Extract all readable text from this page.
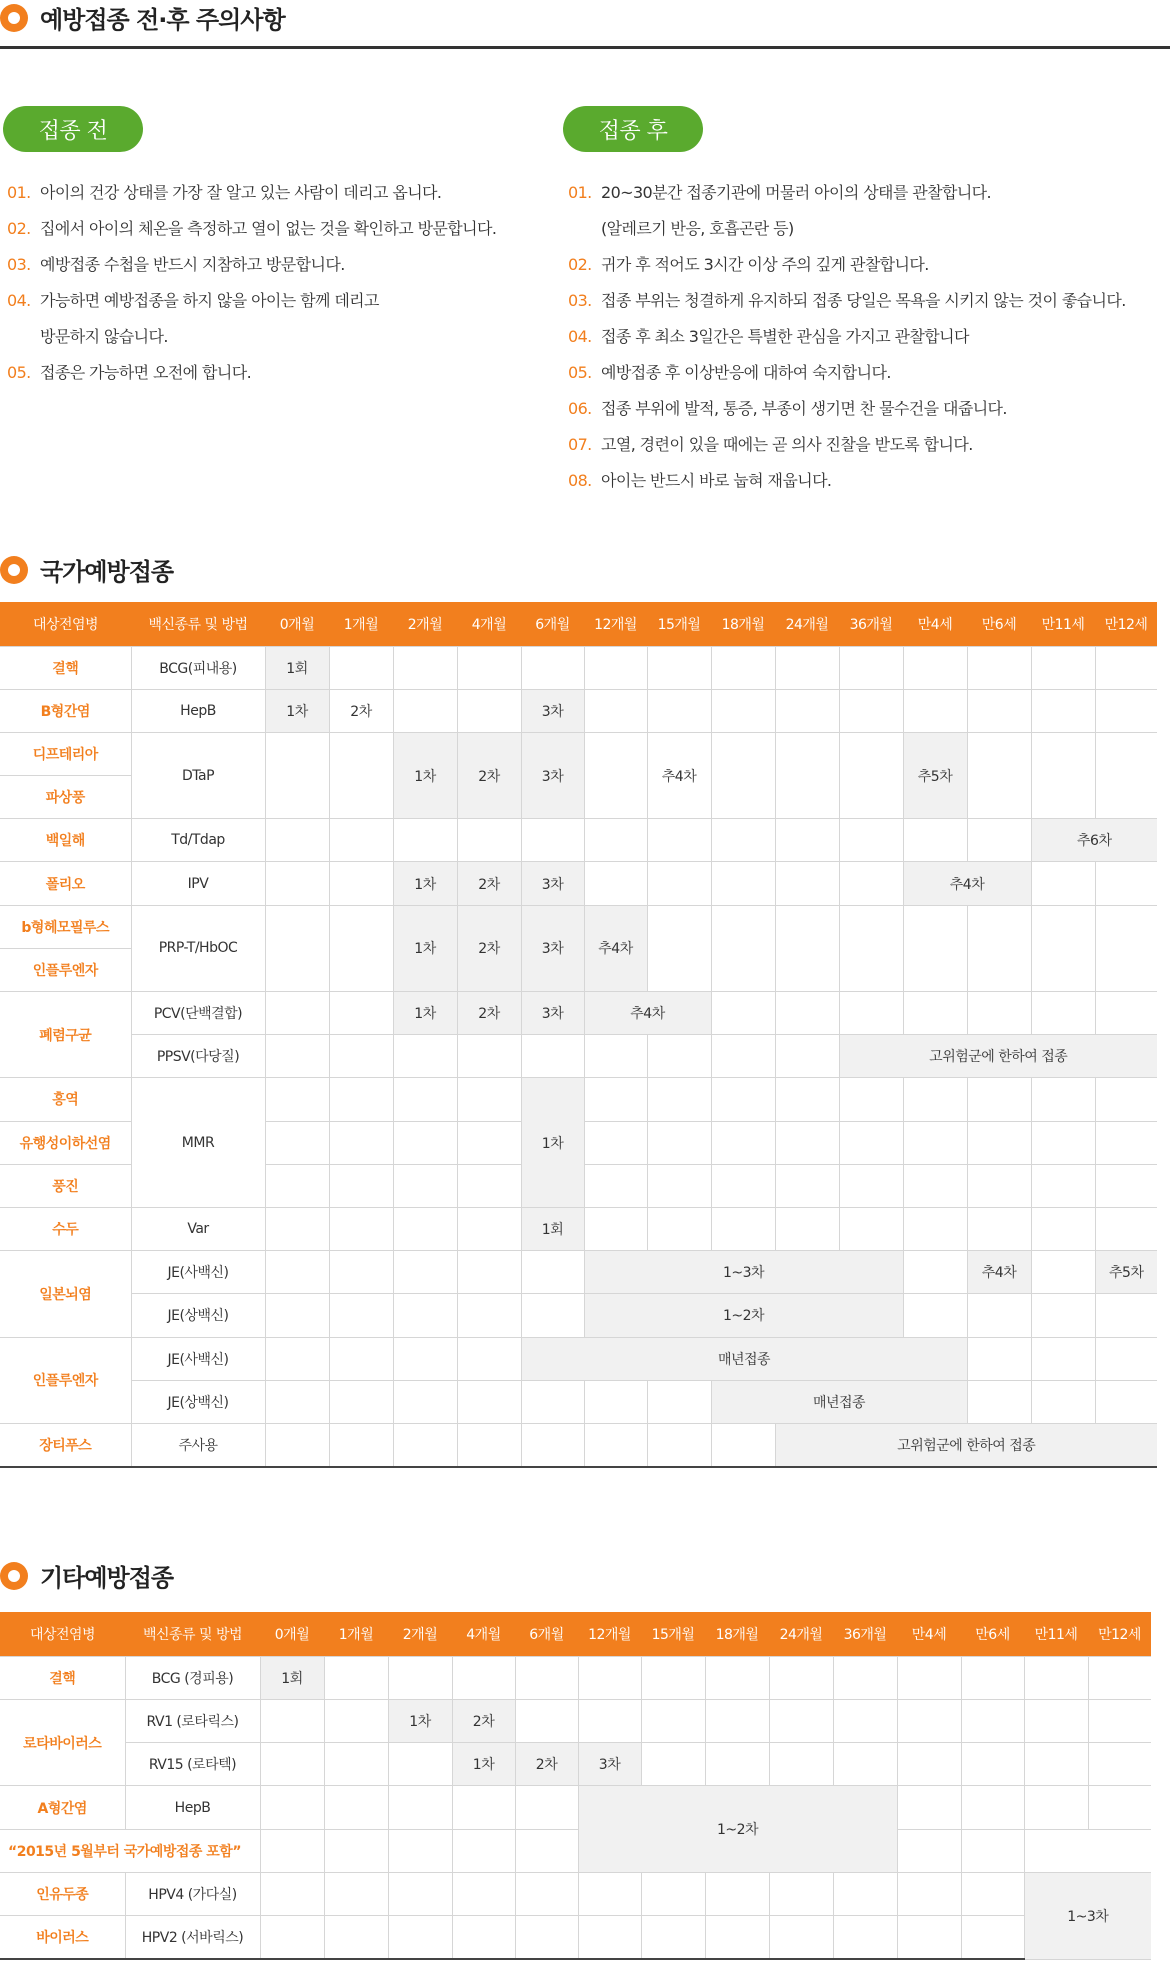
예방접종 전·후 주의사항
접종 전	접종 후
01. 아이의 건강 상태를 가장 잘 알고 있는 사람이 데리고 옵니다.
02. 집에서 아이의 체온을 측정하고 열이 없는 것을 확인하고 방문합니다.
03. 예방접종 수첩을 반드시 지참하고 방문합니다.
04. 가능하면 예방접종을 하지 않을 아이는 함께 데리고
방문하지 않습니다.
05. 접종은 가능하면 오전에 합니다.
01. 20~30분간 접종기관에 머물러 아이의 상태를 관찰합니다.
(알레르기 반응, 호흡곤란 등)
02. 귀가 후 적어도 3시간 이상 주의 깊게 관찰합니다.
03. 접종 부위는 청결하게 유지하되 접종 당일은 목욕을 시키지 않는 것이 좋습니다.
04. 접종 후 최소 3일간은 특별한 관심을 가지고 관찰합니다
05. 예방접종 후 이상반응에 대하여 숙지합니다.
06. 접종 부위에 발적, 통증, 부종이 생기면 찬 물수건을 대줍니다.
07. 고열, 경련이 있을 때에는 곧 의사 진찰을 받도록 합니다.
08. 아이는 반드시 바로 눕혀 재웁니다.
국가예방접종
대상전염병	백신종류 및 방법	0개월	1개월	2개월	4개월	6개월	12개월	15개월	18개월	24개월	36개월	만4세	만6세	만11세	만12세
결핵	BCG(피내용)	1회													
B형간염	HepB	1차	2차			3차									
디프테리아	DTaP			1차	2차	3차		추4차				추5차			
파상풍															
백일해	Td/Tdap													추6차	
폴리오	IPV			1차	2차	3차						추4차			
b형헤모필루스	PRP-T/HbOC			1차	2차	3차	추4차								
인플루엔자															
폐렴구균	PCV(단백결합)			1차	2차	3차	추4차								
	PPSV(다당질)										고위험군에 한하여 접종				
홍역	MMR					1차									
유행성이하선염															
풍진															
수두	Var					1회									
일본뇌염	JE(사백신)						1~3차						추4차		추5차
	JE(상백신)						1~2차								
인플루엔자	JE(사백신)					매년접종									
	JE(상백신)								매년접종						
장티푸스	주사용									고위험군에 한하여 접종					
기타예방접종
대상전염병	백신종류 및 방법	0개월	1개월	2개월	4개월	6개월	12개월	15개월	18개월	24개월	36개월	만4세	만6세	만11세	만12세
결핵	BCG (경피용)	1회													
로타바이러스	RV1 (로타릭스)			1차	2차										
	RV15 (로타텍)				1차	2차	3차								
A형간염	HepB						1~2차								
“2015년 5월부터 국가예방접종 포함”															
인유두종	HPV4 (가다실)													1~3차	
바이러스	HPV2 (서바릭스)														
